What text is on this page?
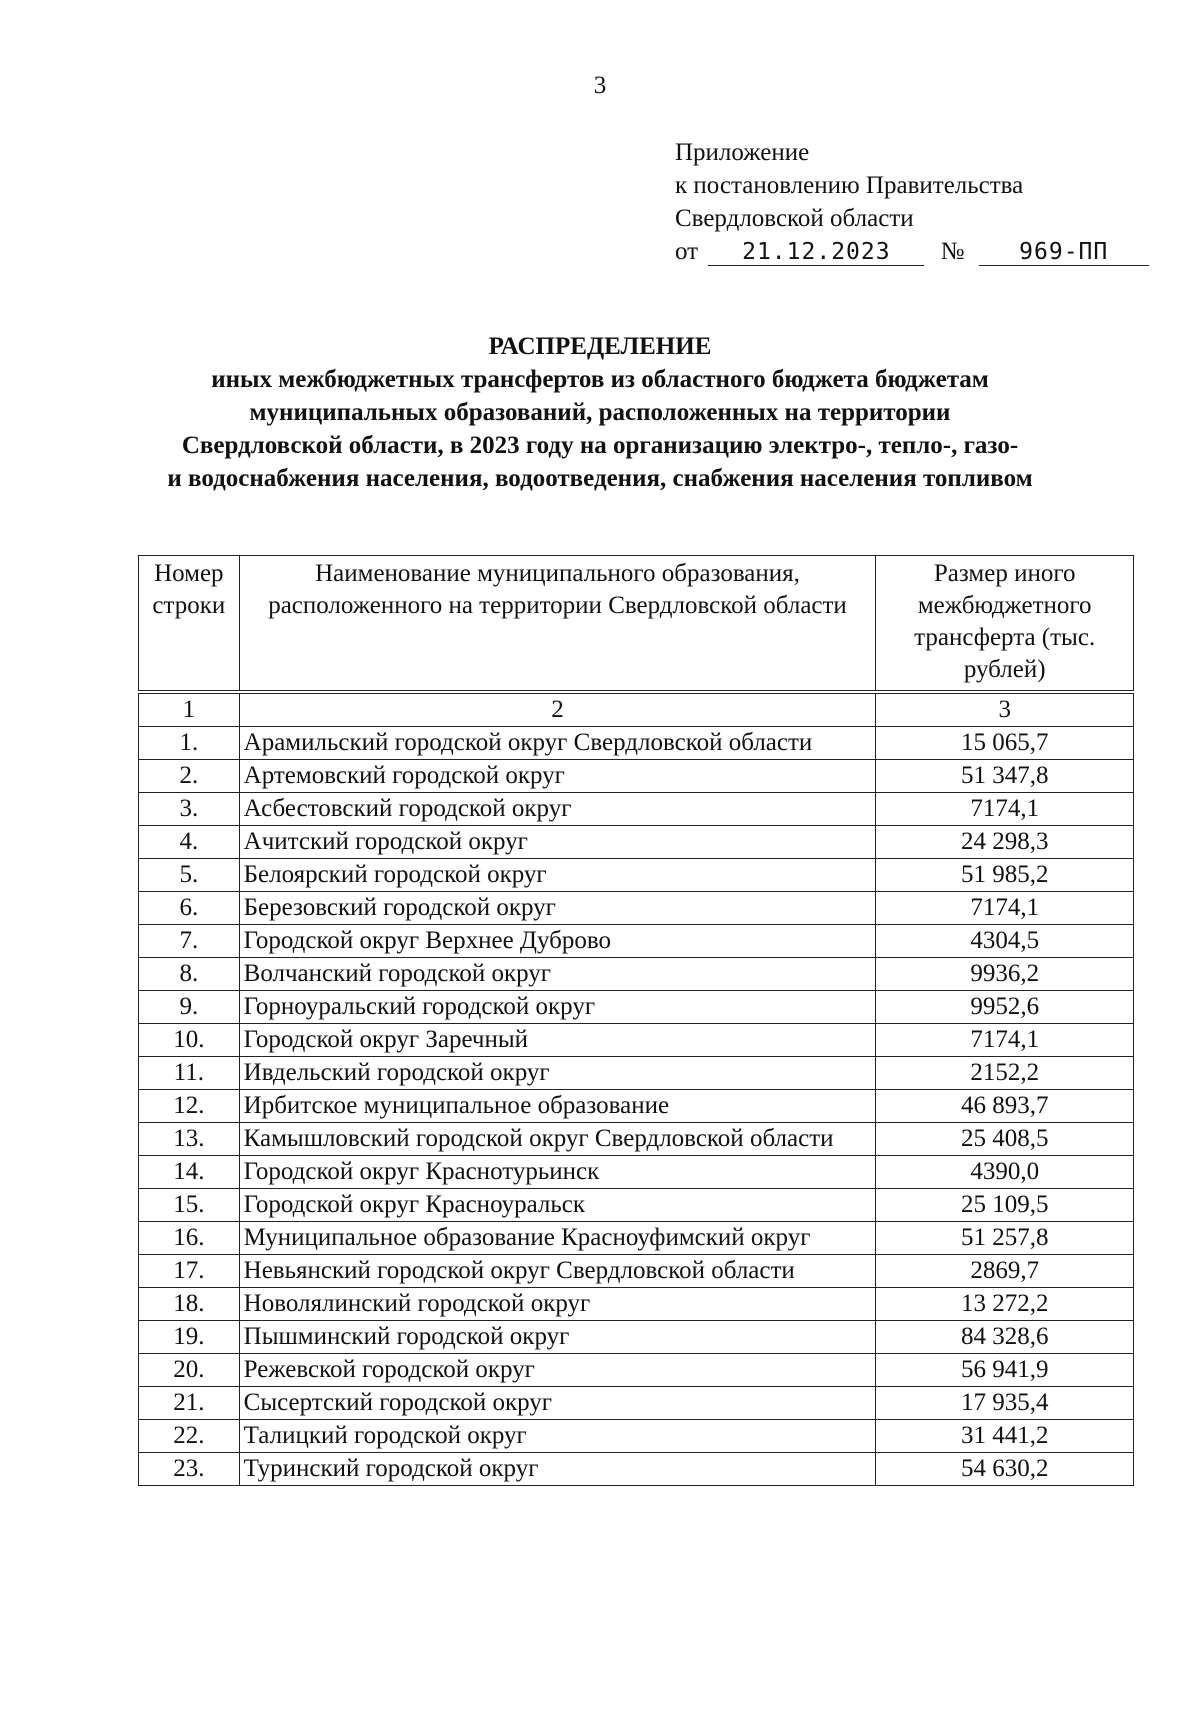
3
Приложение
к постановлению Правительства
Свердловской области
от 21.12.2023 № 969-ПП
РАСПРЕДЕЛЕНИЕ
иных межбюджетных трансфертов из областного бюджета бюджетам
муниципальных образований, расположенных на территории
Свердловской области, в 2023 году на организацию электро-, тепло-, газо-
и водоснабжения населения, водоотведения, снабжения населения топливом
Номер строки	Наименование муниципального образования, расположенного на территории Свердловской области	Размер иного межбюджетного трансферта (тыс. рублей)
1	2	3
1.	Арамильский городской округ Свердловской области	15 065,7
2.	Артемовский городской округ	51 347,8
3.	Асбестовский городской округ	7174,1
4.	Ачитский городской округ	24 298,3
5.	Белоярский городской округ	51 985,2
6.	Березовский городской округ	7174,1
7.	Городской округ Верхнее Дуброво	4304,5
8.	Волчанский городской округ	9936,2
9.	Горноуральский городской округ	9952,6
10.	Городской округ Заречный	7174,1
11.	Ивдельский городской округ	2152,2
12.	Ирбитское муниципальное образование	46 893,7
13.	Камышловский городской округ Свердловской области	25 408,5
14.	Городской округ Краснотурьинск	4390,0
15.	Городской округ Красноуральск	25 109,5
16.	Муниципальное образование Красноуфимский округ	51 257,8
17.	Невьянский городской округ Свердловской области	2869,7
18.	Новолялинский городской округ	13 272,2
19.	Пышминский городской округ	84 328,6
20.	Режевской городской округ	56 941,9
21.	Сысертский городской округ	17 935,4
22.	Талицкий городской округ	31 441,2
23.	Туринский городской округ	54 630,2
